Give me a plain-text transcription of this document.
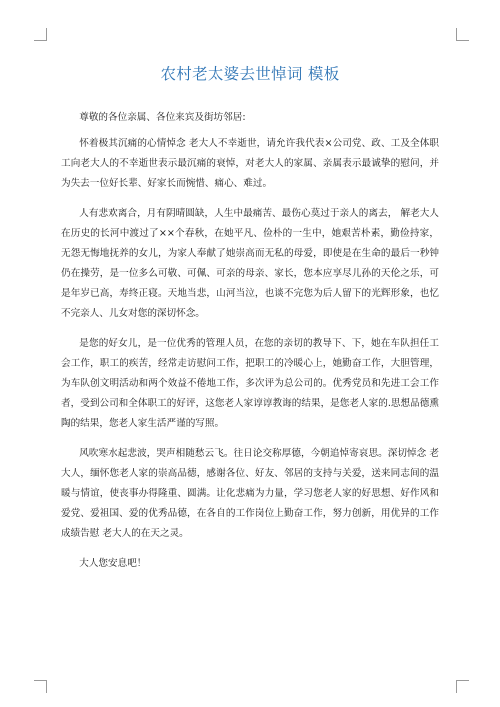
农村老太婆去世悼词 模板

尊敬的各位亲属、各位来宾及街坊邻居:

怀着极其沉痛的心情悼念 老大人不幸逝世，请允许我代表×公司党、政、工及全体职工向老大人的不幸逝世表示最沉痛的衰悼，对老大人的家属、亲属表示最诚挚的慰问，并为失去一位好长辈、好家长而惋惜、痛心、难过。

人有悲欢离合，月有阴晴圆缺，人生中最痛苦、最伤心莫过于亲人的离去， 解老大人在历史的长河中渡过了××个春秋，在她平凡、俭朴的一生中，她艰苦朴素，勤俭持家，无怨无悔地抚养的女儿，为家人奉献了她崇高而无私的母爱，即使是在生命的最后一秒钟仍在操劳，是一位多么可敬、可佩、可亲的母亲、家长，您本应享尽儿孙的天伦之乐，可是年岁已高，寿终正寝。天地当悲，山河当泣，也谈不完您为后人留下的光辉形象，也忆不完亲人、儿女对您的深切怀念。

是您的好女儿，是一位优秀的管理人员，在您的亲切的教导下、下，她在车队担任工会工作，职工的疾苦，经常走访慰问工作，把职工的冷暖心上，她勤奋工作，大胆管理，为车队创文明活动和两个效益不倦地工作，多次评为总公司的。优秀党员和先进工会工作者，受到公司和全体职工的好评，这您老人家谆谆教诲的结果，是您老人家的.思想品德熏陶的结果，您老人家生活严谨的写照。

风吹寒水起悲波，哭声相随愁云飞。往日论交称厚德，今朝追悼寄哀思。深切悼念 老大人，缅怀您老人家的崇高品德，感谢各位、好友、邻居的支持与关爱，送来同志间的温暖与情谊，使丧事办得隆重、圆满。让化悲痛为力量，学习您老人家的好思想、好作风和爱党、爱祖国、爱的优秀品德，在各自的工作岗位上勤奋工作，努力创新，用优异的工作成绩告慰 老大人的在天之灵。

大人您安息吧！
